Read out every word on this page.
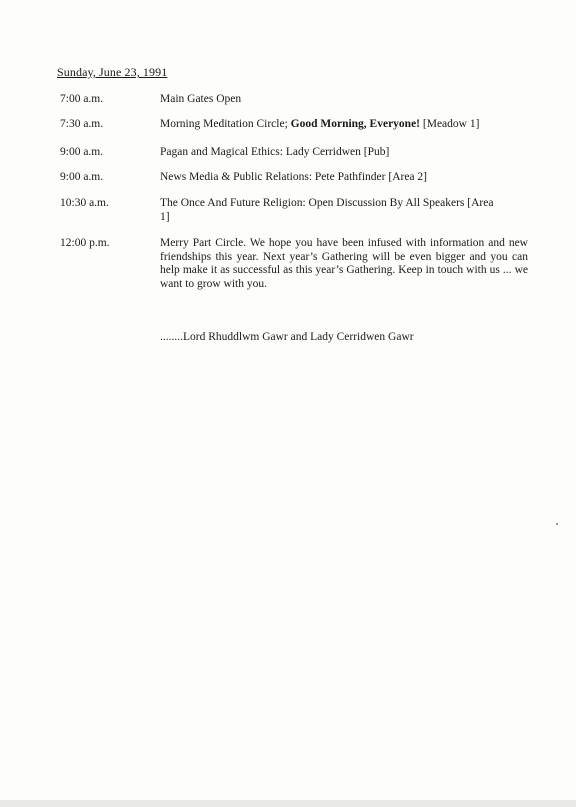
Sunday, June 23, 1991
7:00 a.m.	Main Gates Open
7:30 a.m.	Morning Meditation Circle; Good Morning, Everyone! [Meadow 1]
9:00 a.m.	Pagan and Magical Ethics: Lady Cerridwen [Pub]
9:00 a.m.	News Media & Public Relations: Pete Pathfinder [Area 2]
10:30 a.m.	The Once And Future Religion: Open Discussion By All Speakers [Area 1]
12:00 p.m.	Merry Part Circle. We hope you have been infused with information and new friendships this year. Next year’s Gathering will be even bigger and you can help make it as successful as this year’s Gathering. Keep in touch with us ... we want to grow with you.
........Lord Rhuddlwm Gawr and Lady Cerridwen Gawr
